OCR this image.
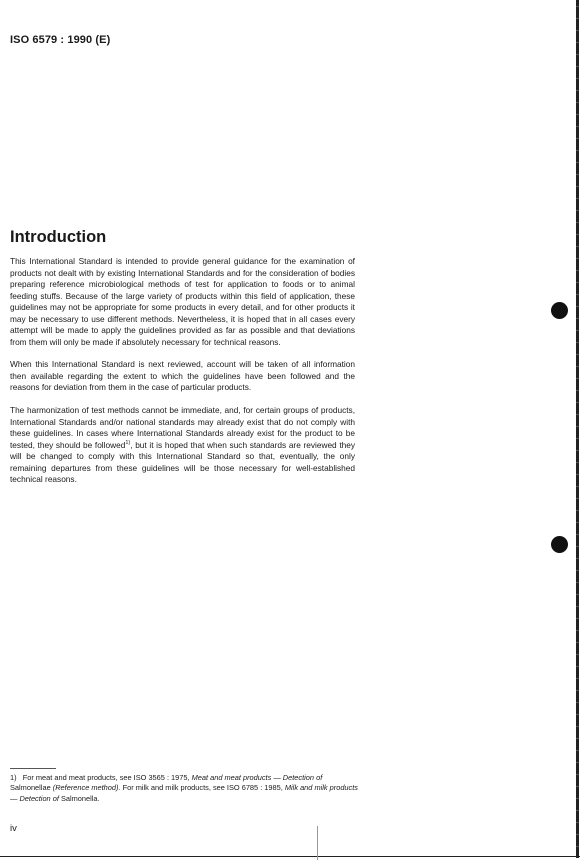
ISO 6579 : 1990 (E)
Introduction

This International Standard is intended to provide general guidance for the examination of products not dealt with by existing International Standards and for the consideration of bodies preparing reference microbiological methods of test for application to foods or to animal feeding stuffs. Because of the large variety of products within this field of application, these guidelines may not be appropriate for some products in every detail, and for other products it may be necessary to use different methods. Nevertheless, it is hoped that in all cases every attempt will be made to apply the guidelines provided as far as possible and that deviations from them will only be made if absolutely necessary for technical reasons.

When this International Standard is next reviewed, account will be taken of all information then available regarding the extent to which the guidelines have been followed and the reasons for deviation from them in the case of particular products.

The harmonization of test methods cannot be immediate, and, for certain groups of products, International Standards and/or national standards may already exist that do not comply with these guidelines. In cases where International Standards already exist for the product to be tested, they should be followed$^{1)}$, but it is hoped that when such standards are reviewed they will be changed to comply with this International Standard so that, eventually, the only remaining departures from these guidelines will be those necessary for well-established technical reasons.

1) For meat and meat products, see ISO 3565 : 1975, Meat and meat products — Detection of Salmonellae (Reference method). For milk and milk products, see ISO 6785 : 1985, Milk and milk products — Detection of Salmonella.

iv
